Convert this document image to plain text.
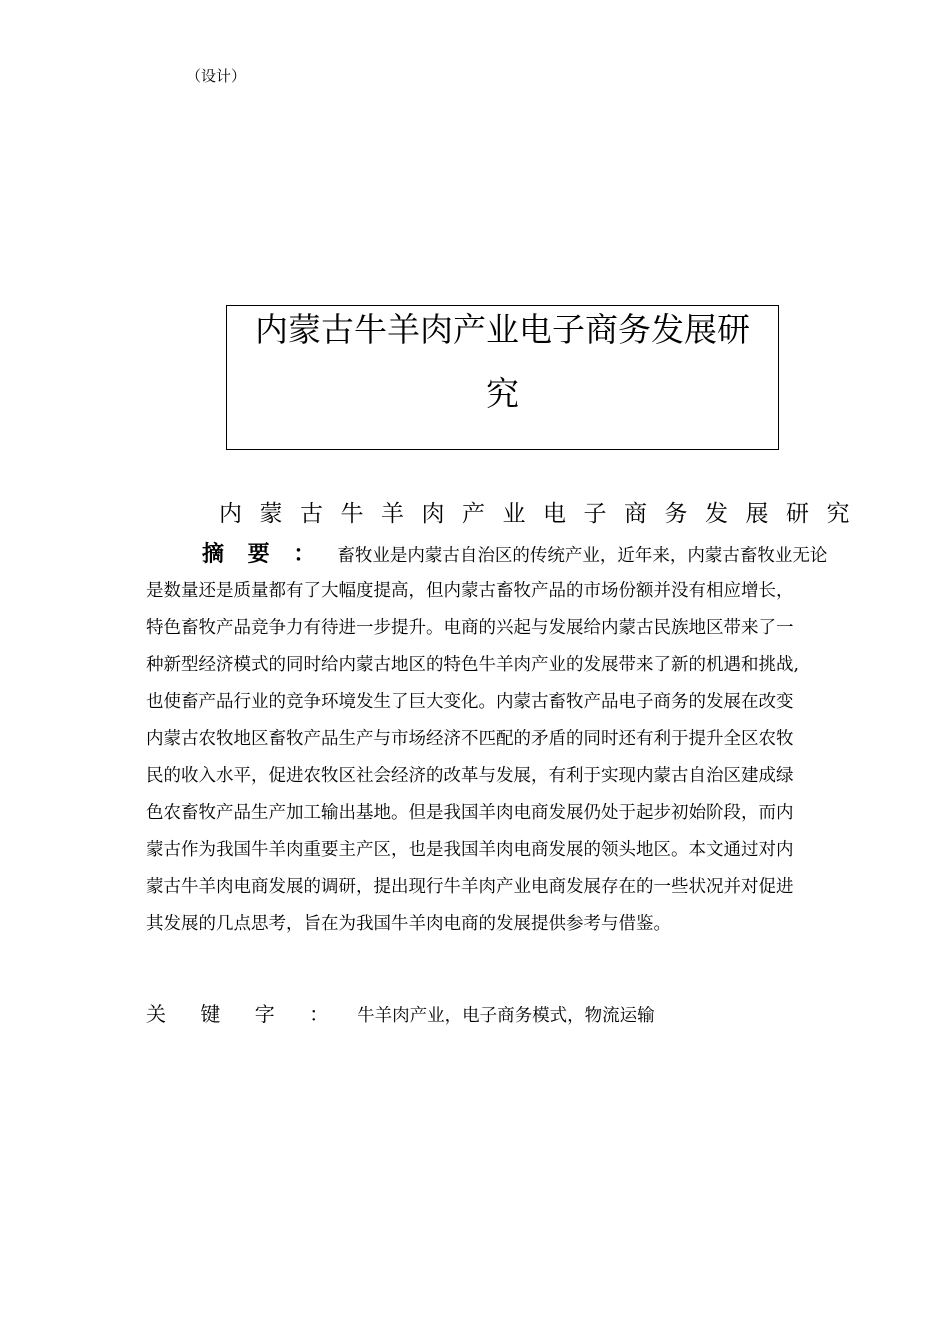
（设计）
内蒙古牛羊肉产业电子商务发展研
究
内蒙古牛羊肉产业电子商务发展研究
摘 要 ： 畜牧业是内蒙古自治区的传统产业，近年来，内蒙古畜牧业无论
是数量还是质量都有了大幅度提高，但内蒙古畜牧产品的市场份额并没有相应增长，
特色畜牧产品竞争力有待进一步提升。电商的兴起与发展给内蒙古民族地区带来了一
种新型经济模式的同时给内蒙古地区的特色牛羊肉产业的发展带来了新的机遇和挑战,
也使畜产品行业的竞争环境发生了巨大变化。内蒙古畜牧产品电子商务的发展在改变
内蒙古农牧地区畜牧产品生产与市场经济不匹配的矛盾的同时还有利于提升全区农牧
民的收入水平，促进农牧区社会经济的改革与发展，有利于实现内蒙古自治区建成绿
色农畜牧产品生产加工输出基地。但是我国羊肉电商发展仍处于起步初始阶段，而内
蒙古作为我国牛羊肉重要主产区，也是我国羊肉电商发展的领头地区。本文通过对内
蒙古牛羊肉电商发展的调研，提出现行牛羊肉产业电商发展存在的一些状况并对促进
其发展的几点思考，旨在为我国牛羊肉电商的发展提供参考与借鉴。
关 键 字 ： 牛羊肉产业，电子商务模式，物流运输
